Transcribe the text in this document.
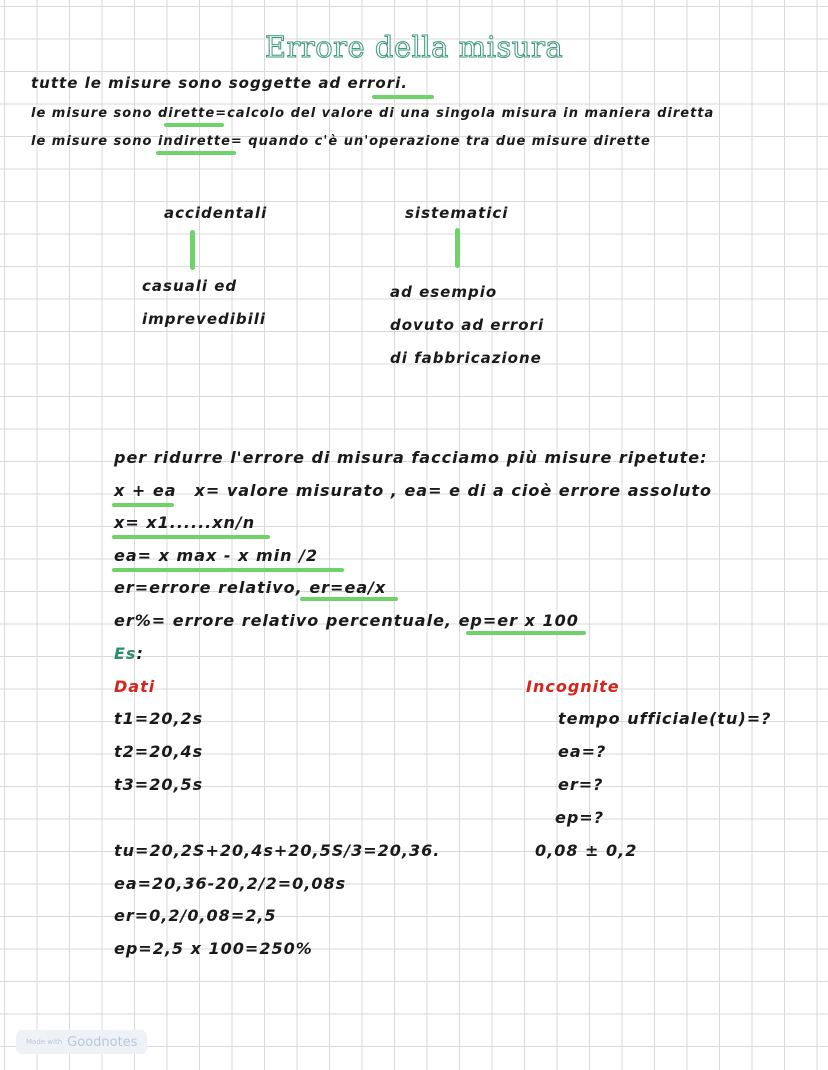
Errore della misura
tutte le misure sono soggette ad errori.
le misure sono dirette=calcolo del valore di una singola misura in maniera diretta
le misure sono indirette= quando c'è un'operazione tra due misure dirette
accidentali
casuali ed
imprevedibili
sistematici
ad esempio
dovuto ad errori
di fabbricazione
per ridurre l'errore di misura facciamo più misure ripetute:
x + ea x= valore misurato , ea= e di a cioè errore assoluto
x= x1......xn/n
ea= x max - x min /2
er=errore relativo, er=ea/x
er%= errore relativo percentuale, ep=er x 100
Es:
Dati
t1=20,2s
t2=20,4s
t3=20,5s
Incognite
tempo ufficiale(tu)=?
ea=?
er=?
ep=?
tu=20,2S+20,4s+20,5S/3=20,36.	0,08 ± 0,2
ea=20,36-20,2/2=0,08s
er=0,2/0,08=2,5
ep=2,5 x 100=250%
Made with Goodnotes
